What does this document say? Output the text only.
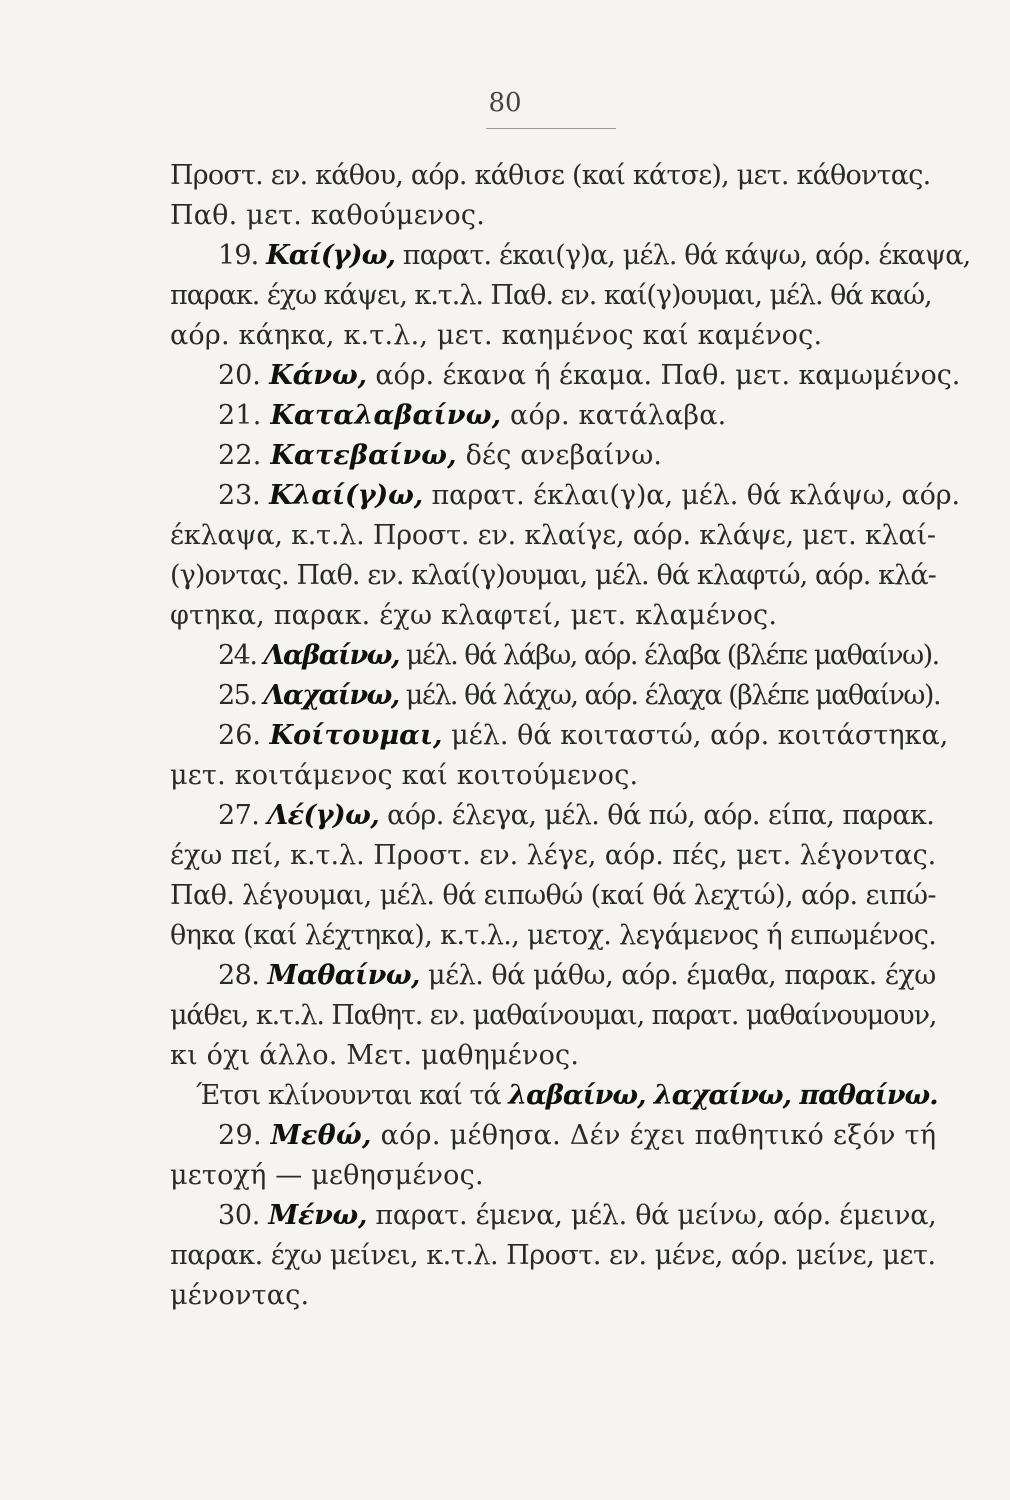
80
Προστ. εν. κάθου, αόρ. κάθισε (καί κάτσε), μετ. κάθοντας.
Παθ. μετ. καθούμενος.
19. Καί(γ)ω, παρατ. έκαι(γ)α, μέλ. θά κάψω, αόρ. έκαψα,
παρακ. έχω κάψει, κ.τ.λ. Παθ. εν. καί(γ)ουμαι, μέλ. θά καώ,
αόρ. κάηκα, κ.τ.λ., μετ. καημένος καί καμένος.
20. Κάνω, αόρ. έκανα ή έκαμα. Παθ. μετ. καμωμένος.
21. Καταλαβαίνω, αόρ. κατάλαβα.
22. Κατεβαίνω, δές ανεβαίνω.
23. Κλαί(γ)ω, παρατ. έκλαι(γ)α, μέλ. θά κλάψω, αόρ.
έκλαψα, κ.τ.λ. Προστ. εν. κλαίγε, αόρ. κλάψε, μετ. κλαί-
(γ)οντας. Παθ. εν. κλαί(γ)ουμαι, μέλ. θά κλαφτώ, αόρ. κλά-
φτηκα, παρακ. έχω κλαφτεί, μετ. κλαμένος.
24. Λαβαίνω, μέλ. θά λάβω, αόρ. έλαβα (βλέπε μαθαίνω).
25. Λαχαίνω, μέλ. θά λάχω, αόρ. έλαχα (βλέπε μαθαίνω).
26. Κοίτουμαι, μέλ. θά κοιταστώ, αόρ. κοιτάστηκα,
μετ. κοιτάμενος καί κοιτούμενος.
27. Λέ(γ)ω, αόρ. έλεγα, μέλ. θά πώ, αόρ. είπα, παρακ.
έχω πεί, κ.τ.λ. Προστ. εν. λέγε, αόρ. πές, μετ. λέγοντας.
Παθ. λέγουμαι, μέλ. θά ειπωθώ (καί θά λεχτώ), αόρ. ειπώ-
θηκα (καί λέχτηκα), κ.τ.λ., μετοχ. λεγάμενος ή ειπωμένος.
28. Μαθαίνω, μέλ. θά μάθω, αόρ. έμαθα, παρακ. έχω
μάθει, κ.τ.λ. Παθητ. εν. μαθαίνουμαι, παρατ. μαθαίνουμουν,
κι όχι άλλο. Μετ. μαθημένος.
Έτσι κλίνουνται καί τά λαβαίνω, λαχαίνω, παθαίνω.
29. Μεθώ, αόρ. μέθησα. Δέν έχει παθητικό εξόν τή
μετοχή — μεθησμένος.
30. Μένω, παρατ. έμενα, μέλ. θά μείνω, αόρ. έμεινα,
παρακ. έχω μείνει, κ.τ.λ. Προστ. εν. μένε, αόρ. μείνε, μετ.
μένοντας.
